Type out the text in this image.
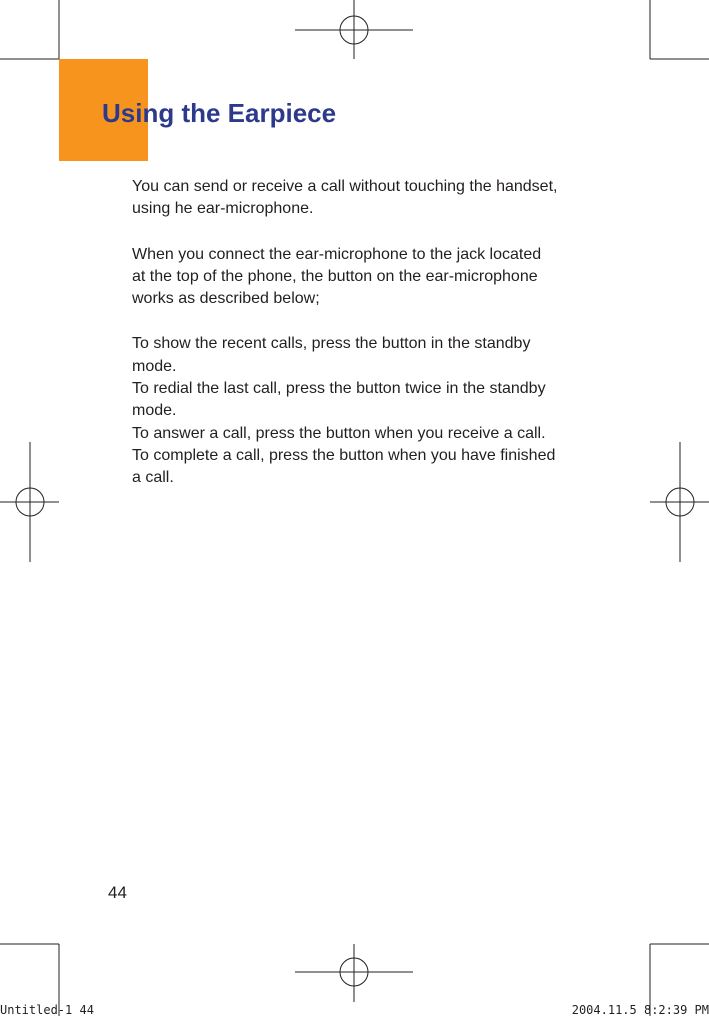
Using the Earpiece

You can send or receive a call without touching the handset,
using he ear-microphone.

When you connect the ear-microphone to the jack located
at the top of the phone, the button on the ear-microphone
works as described below;

To show the recent calls, press the button in the standby
mode.
To redial the last call, press the button twice in the standby
mode.
To answer a call, press the button when you receive a call.
To complete a call, press the button when you have finished
a call.

44
Untitled-1 44	2004.11.5 8:2:39 PM
